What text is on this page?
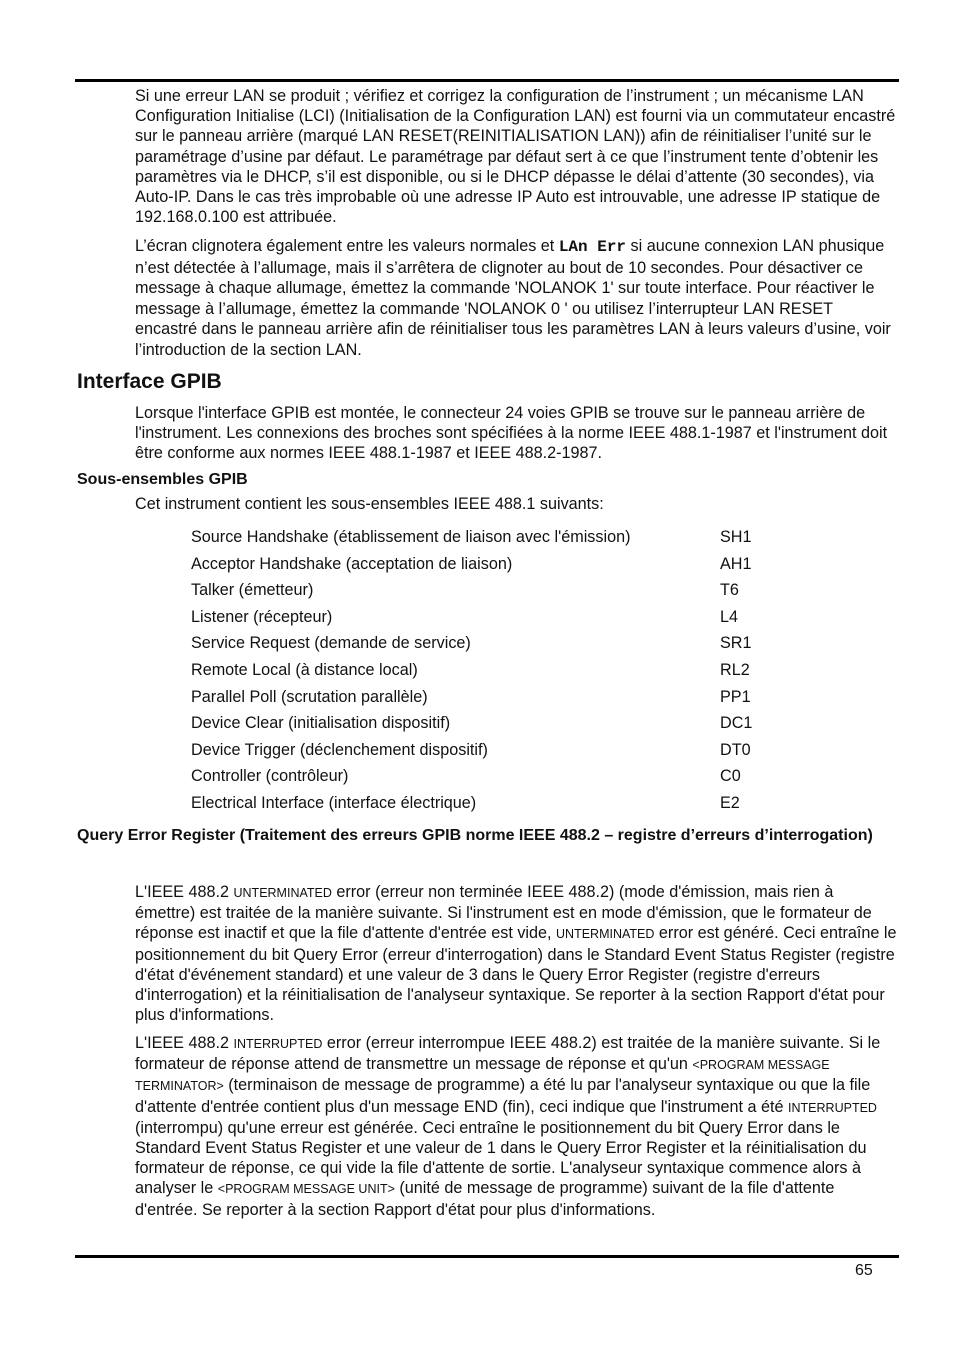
Si une erreur LAN se produit ; vérifiez et corrigez la configuration de l’instrument ; un mécanisme LAN Configuration Initialise (LCI) (Initialisation de la Configuration LAN) est fourni via un commutateur encastré sur le panneau arrière (marqué LAN RESET(REINITIALISATION LAN)) afin de réinitialiser l’unité sur le paramétrage d’usine par défaut. Le paramétrage par défaut sert à ce que l’instrument tente d’obtenir les paramètres via le DHCP, s’il est disponible, ou si le DHCP dépasse le délai d’attente (30 secondes), via Auto-IP. Dans le cas très improbable où une adresse IP Auto est introuvable, une adresse IP statique de 192.168.0.100 est attribuée.

L’écran clignotera également entre les valeurs normales et LAn Err si aucune connexion LAN phusique n’est détectée à l’allumage, mais il s’arrêtera de clignoter au bout de 10 secondes. Pour désactiver ce message à chaque allumage, émettez la commande 'NOLANOK 1' sur toute interface. Pour réactiver le message à l’allumage, émettez la commande 'NOLANOK 0 ' ou utilisez l’interrupteur LAN RESET encastré dans le panneau arrière afin de réinitialiser tous les paramètres LAN à leurs valeurs d’usine, voir l’introduction de la section LAN.

Interface GPIB

Lorsque l'interface GPIB est montée, le connecteur 24 voies GPIB se trouve sur le panneau arrière de l'instrument. Les connexions des broches sont spécifiées à la norme IEEE 488.1-1987 et l'instrument doit être conforme aux normes IEEE 488.1-1987 et IEEE 488.2-1987.

Sous-ensembles GPIB

Cet instrument contient les sous-ensembles IEEE 488.1 suivants:

Source Handshake (établissement de liaison avec l'émission)	SH1
Acceptor Handshake (acceptation de liaison)	AH1
Talker (émetteur)	T6
Listener (récepteur)	L4
Service Request (demande de service)	SR1
Remote Local (à distance local)	RL2
Parallel Poll (scrutation parallèle)	PP1
Device Clear (initialisation dispositif)	DC1
Device Trigger (déclenchement dispositif)	DT0
Controller (contrôleur)	C0
Electrical Interface (interface électrique)	E2
Query Error Register (Traitement des erreurs GPIB norme IEEE 488.2 – registre d’erreurs d’interrogation)

L'IEEE 488.2 UNTERMINATED error (erreur non terminée IEEE 488.2) (mode d'émission, mais rien à émettre) est traitée de la manière suivante. Si l'instrument est en mode d'émission, que le formateur de réponse est inactif et que la file d'attente d'entrée est vide, UNTERMINATED error est généré. Ceci entraîne le positionnement du bit Query Error (erreur d'interrogation) dans le Standard Event Status Register (registre d'état d'événement standard) et une valeur de 3 dans le Query Error Register (registre d'erreurs d'interrogation) et la réinitialisation de l'analyseur syntaxique. Se reporter à la section Rapport d'état pour plus d'informations.

L'IEEE 488.2 INTERRUPTED error (erreur interrompue IEEE 488.2) est traitée de la manière suivante. Si le formateur de réponse attend de transmettre un message de réponse et qu'un <PROGRAM MESSAGE TERMINATOR> (terminaison de message de programme) a été lu par l'analyseur syntaxique ou que la file d'attente d'entrée contient plus d'un message END (fin), ceci indique que l'instrument a été INTERRUPTED (interrompu) qu'une erreur est générée. Ceci entraîne le positionnement du bit Query Error dans le Standard Event Status Register et une valeur de 1 dans le Query Error Register et la réinitialisation du formateur de réponse, ce qui vide la file d'attente de sortie. L'analyseur syntaxique commence alors à analyser le <PROGRAM MESSAGE UNIT> (unité de message de programme) suivant de la file d'attente d'entrée. Se reporter à la section Rapport d'état pour plus d'informations.

65
